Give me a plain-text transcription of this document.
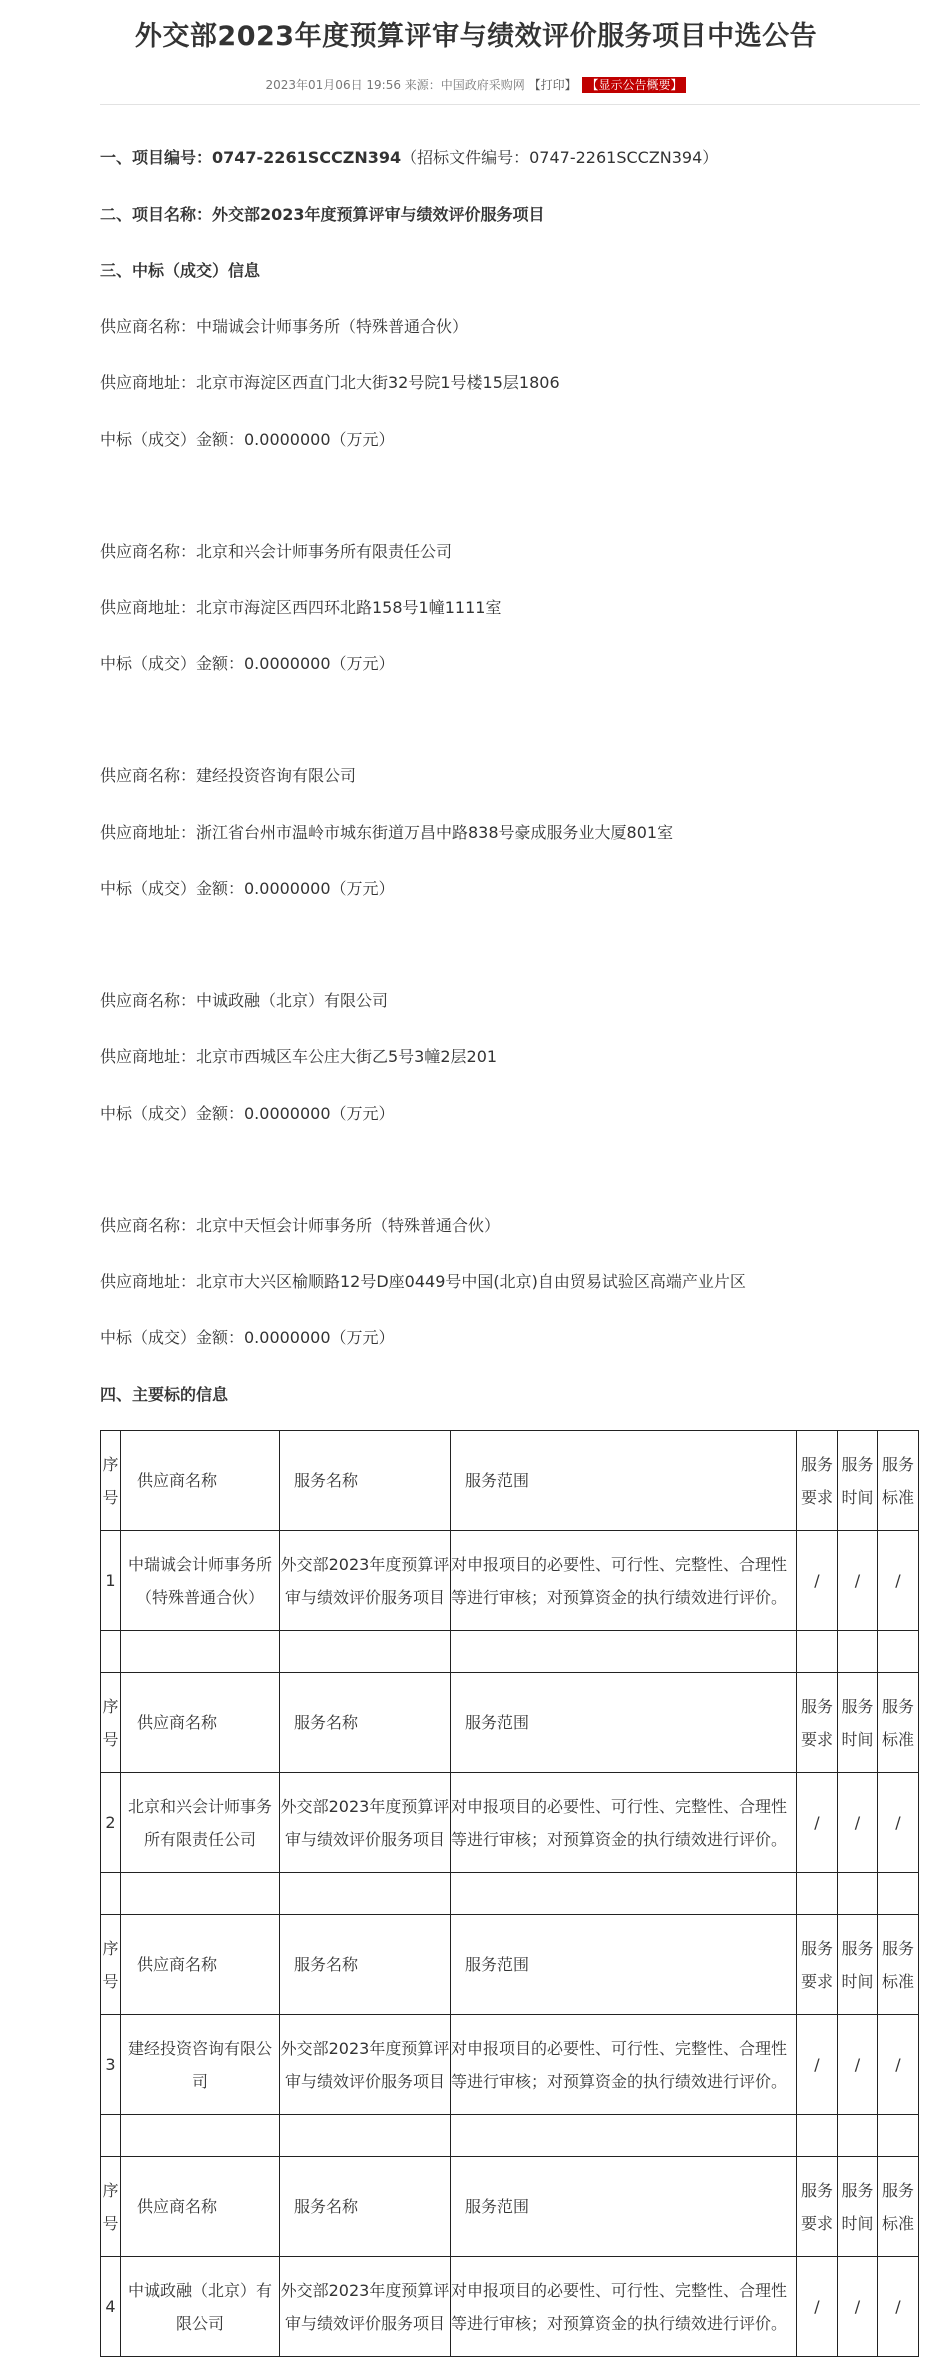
外交部2023年度预算评审与绩效评价服务项目中选公告
2023年01月06日 19:56 来源：中国政府采购网 【打印】 【显示公告概要】
一、项目编号：0747-2261SCCZN394（招标文件编号：0747-2261SCCZN394）
二、项目名称：外交部2023年度预算评审与绩效评价服务项目
三、中标（成交）信息
供应商名称：中瑞诚会计师事务所（特殊普通合伙）
供应商地址：北京市海淀区西直门北大街32号院1号楼15层1806
中标（成交）金额：0.0000000（万元）
供应商名称：北京和兴会计师事务所有限责任公司
供应商地址：北京市海淀区西四环北路158号1幢1111室
中标（成交）金额：0.0000000（万元）
供应商名称：建经投资咨询有限公司
供应商地址：浙江省台州市温岭市城东街道万昌中路838号豪成服务业大厦801室
中标（成交）金额：0.0000000（万元）
供应商名称：中诚政融（北京）有限公司
供应商地址：北京市西城区车公庄大街乙5号3幢2层201
中标（成交）金额：0.0000000（万元）
供应商名称：北京中天恒会计师事务所（特殊普通合伙）
供应商地址：北京市大兴区榆顺路12号D座0449号中国(北京)自由贸易试验区高端产业片区
中标（成交）金额：0.0000000（万元）
四、主要标的信息
序号	供应商名称	服务名称	服务范围	服务要求	服务时间	服务标准
1	中瑞诚会计师事务所（特殊普通合伙）	外交部2023年度预算评审与绩效评价服务项目	对申报项目的必要性、可行性、完整性、合理性等进行审核；对预算资金的执行绩效进行评价。	/	/	/

序号	供应商名称	服务名称	服务范围	服务要求	服务时间	服务标准
2	北京和兴会计师事务所有限责任公司	外交部2023年度预算评审与绩效评价服务项目	对申报项目的必要性、可行性、完整性、合理性等进行审核；对预算资金的执行绩效进行评价。	/	/	/

序号	供应商名称	服务名称	服务范围	服务要求	服务时间	服务标准
3	建经投资咨询有限公司	外交部2023年度预算评审与绩效评价服务项目	对申报项目的必要性、可行性、完整性、合理性等进行审核；对预算资金的执行绩效进行评价。	/	/	/

序号	供应商名称	服务名称	服务范围	服务要求	服务时间	服务标准
4	中诚政融（北京）有限公司	外交部2023年度预算评审与绩效评价服务项目	对申报项目的必要性、可行性、完整性、合理性等进行审核；对预算资金的执行绩效进行评价。	/	/	/
